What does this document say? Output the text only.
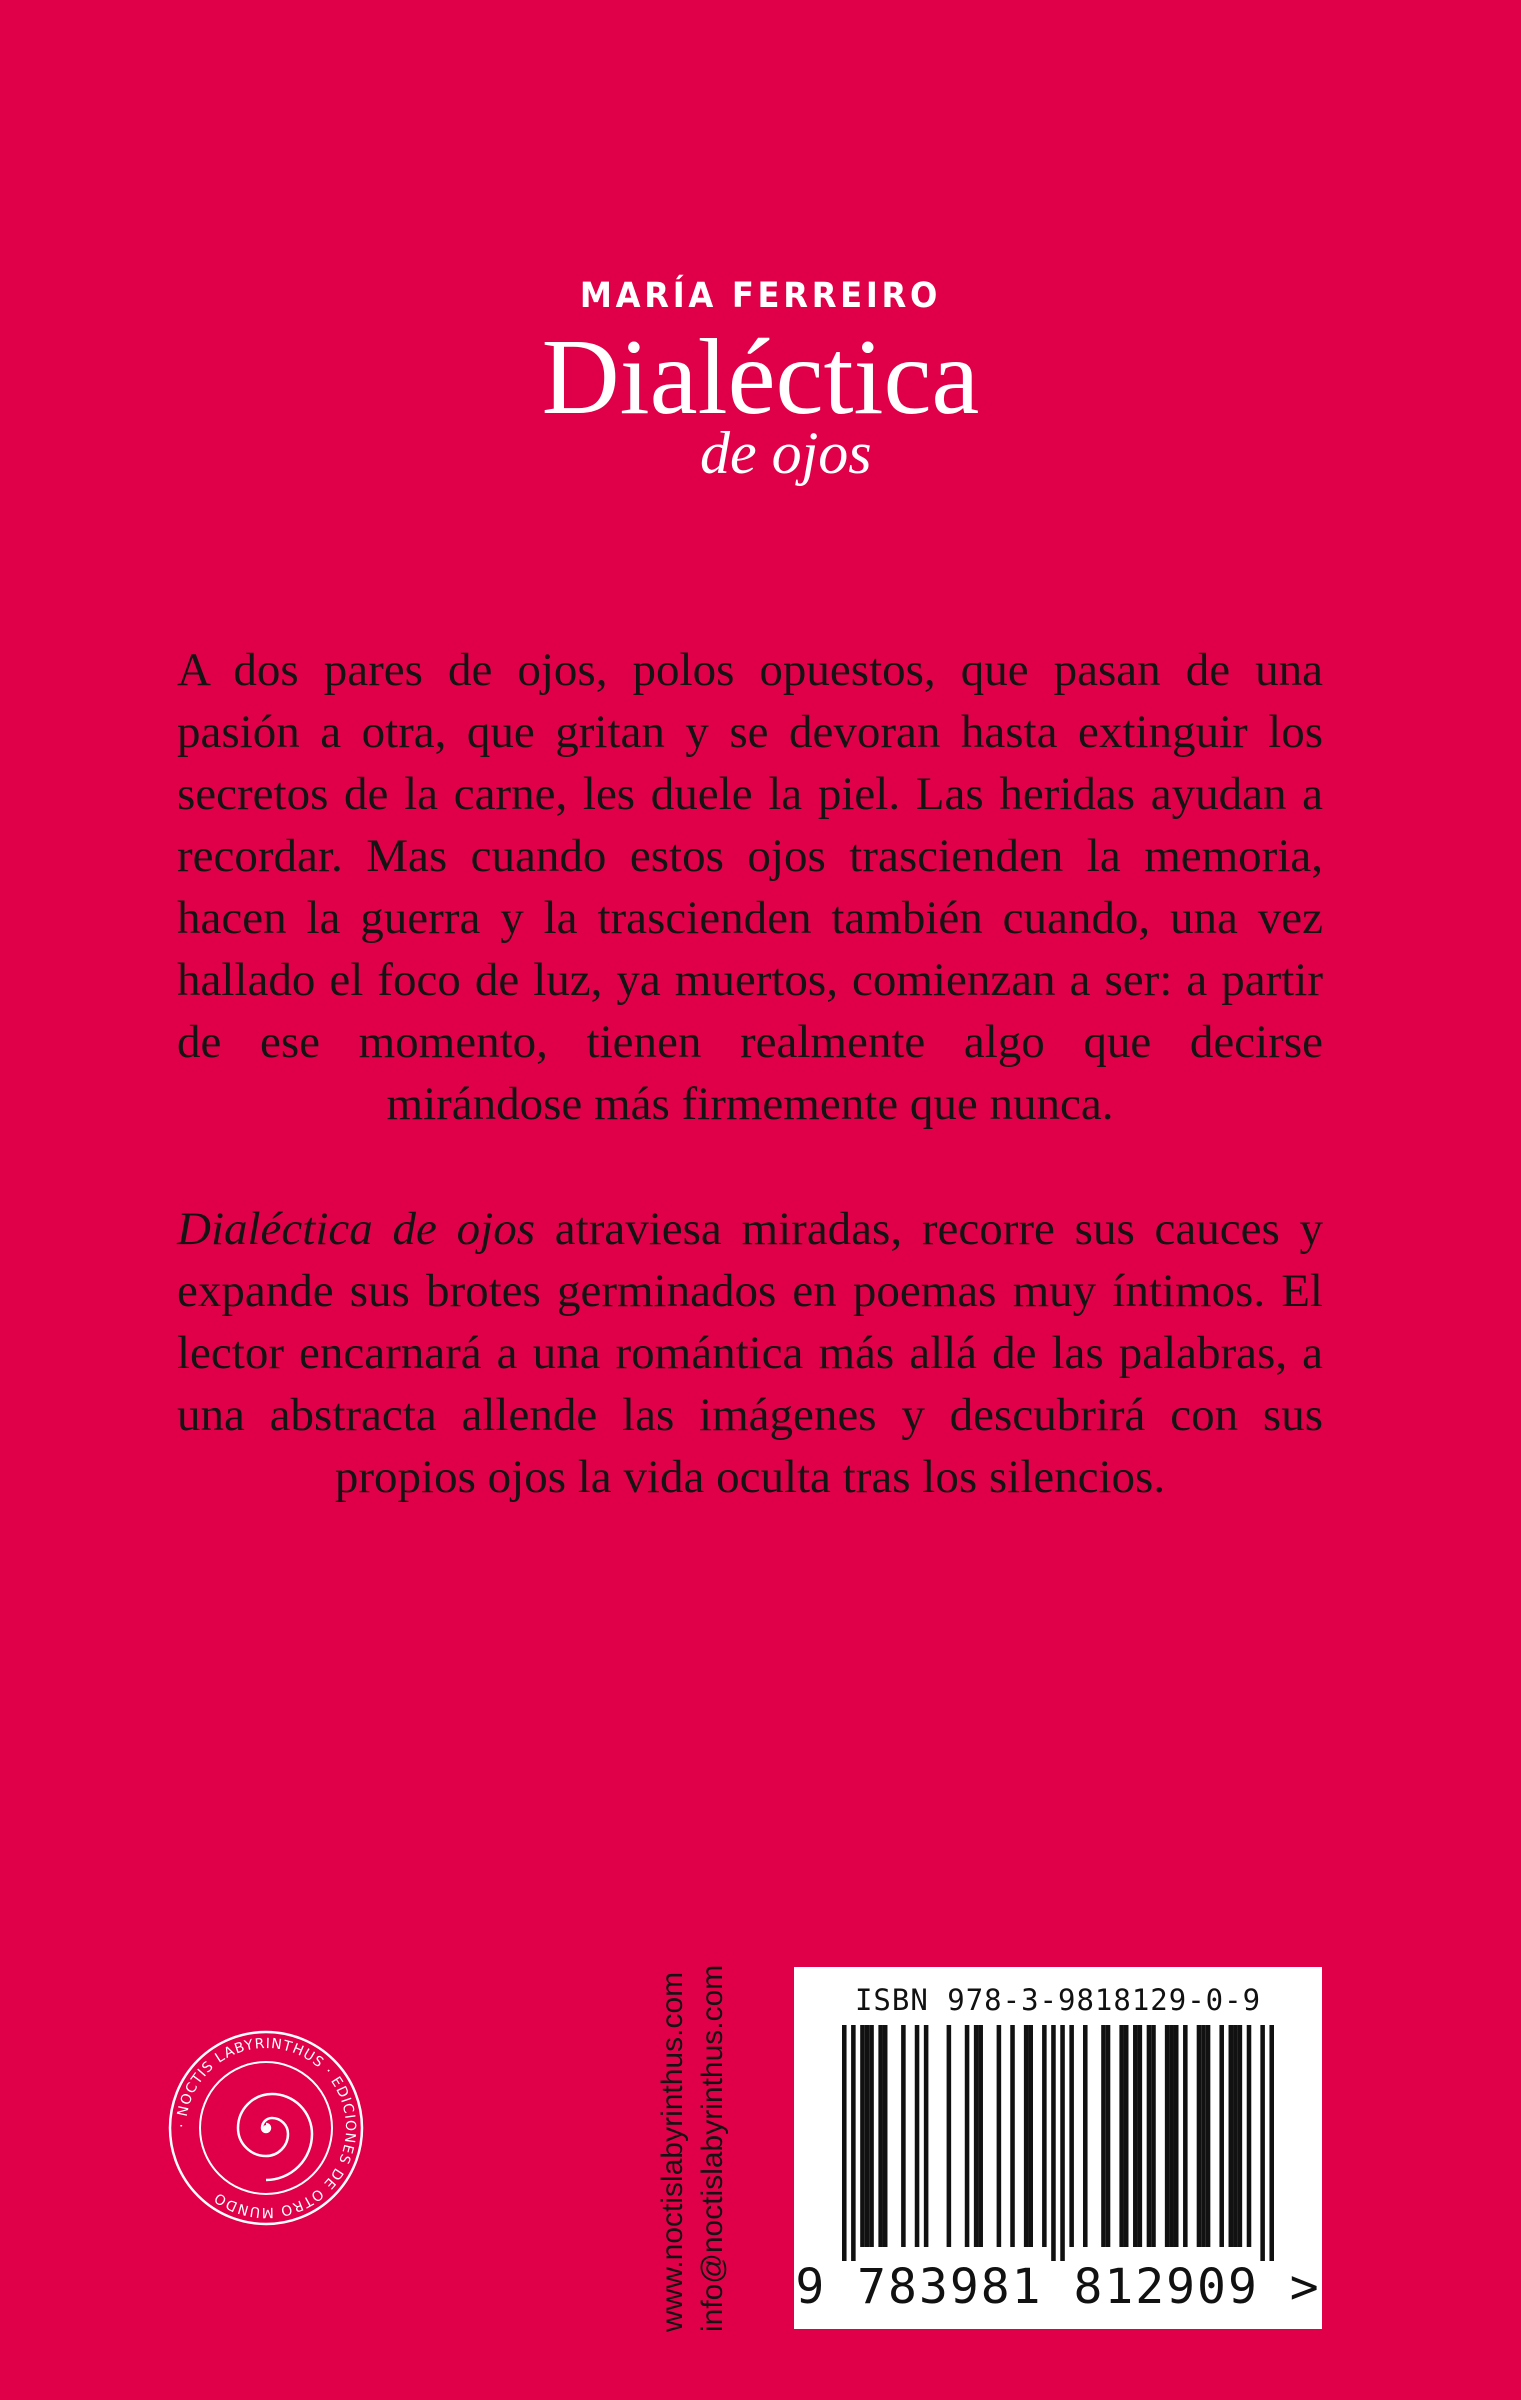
MARÍA FERREIRO
Dialéctica
de ojos

A dos pares de ojos, polos opuestos, que pasan de una pasión a otra, que gritan y se devoran hasta extinguir los secretos de la carne, les duele la piel. Las heridas ayudan a recordar. Mas cuando estos ojos trascienden la memoria, hacen la guerra y la trascienden también cuando, una vez hallado el foco de luz, ya muertos, comienzan a ser: a partir de ese momento, tienen realmente algo que decirse mirándose más firmemente que nunca.

Dialéctica de ojos atraviesa miradas, recorre sus cauces y expande sus brotes germinados en poemas muy íntimos. El lector encarnará a una romántica más allá de las palabras, a una abstracta allende las imágenes y descubrirá con sus propios ojos la vida oculta tras los silencios.

· NOCTIS LABYRINTHUS · EDICIONES DE OTRO MUNDO	www.noctislabyrinthus.com info@noctislabyrinthus.com	ISBN 978-3-9818129-0-9
9 783981 812909 >
